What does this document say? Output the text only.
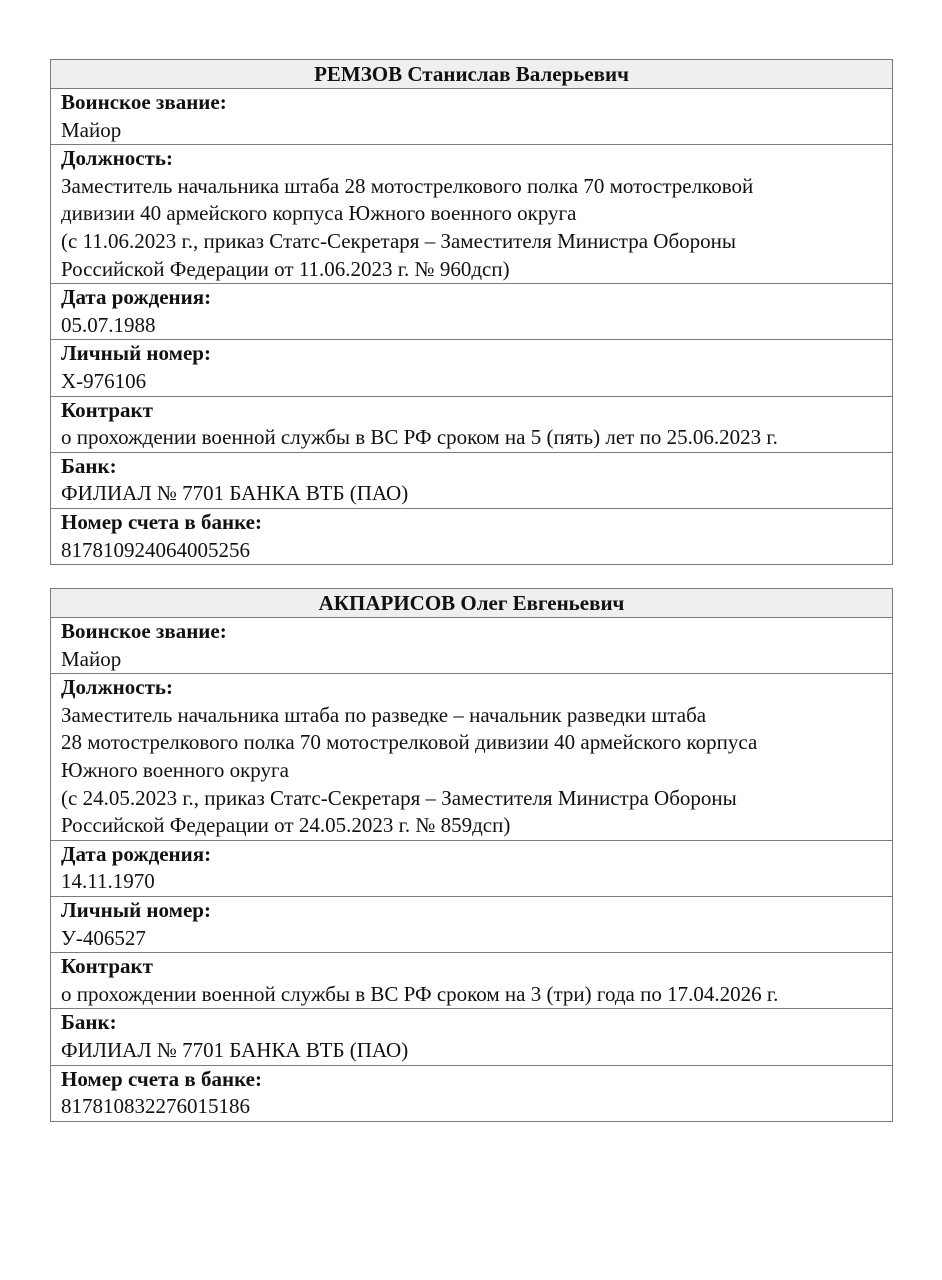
РЕМЗОВ Станислав Валерьевич
Воинское звание:
Майор
Должность:
Заместитель начальника штаба 28 мотострелкового полка 70 мотострелковой
дивизии 40 армейского корпуса Южного военного округа
(с 11.06.2023 г., приказ Статс-Секретаря – Заместителя Министра Обороны
Российской Федерации от 11.06.2023 г. № 960дсп)
Дата рождения:
05.07.1988
Личный номер:
Х-976106
Контракт
о прохождении военной службы в ВС РФ сроком на 5 (пять) лет по 25.06.2023 г.
Банк:
ФИЛИАЛ № 7701 БАНКА ВТБ (ПАО)
Номер счета в банке:
817810924064005256
АКПАРИСОВ Олег Евгеньевич
Воинское звание:
Майор
Должность:
Заместитель начальника штаба по разведке – начальник разведки штаба
28 мотострелкового полка 70 мотострелковой дивизии 40 армейского корпуса
Южного военного округа
(с 24.05.2023 г., приказ Статс-Секретаря – Заместителя Министра Обороны
Российской Федерации от 24.05.2023 г. № 859дсп)
Дата рождения:
14.11.1970
Личный номер:
У-406527
Контракт
о прохождении военной службы в ВС РФ сроком на 3 (три) года по 17.04.2026 г.
Банк:
ФИЛИАЛ № 7701 БАНКА ВТБ (ПАО)
Номер счета в банке:
817810832276015186
